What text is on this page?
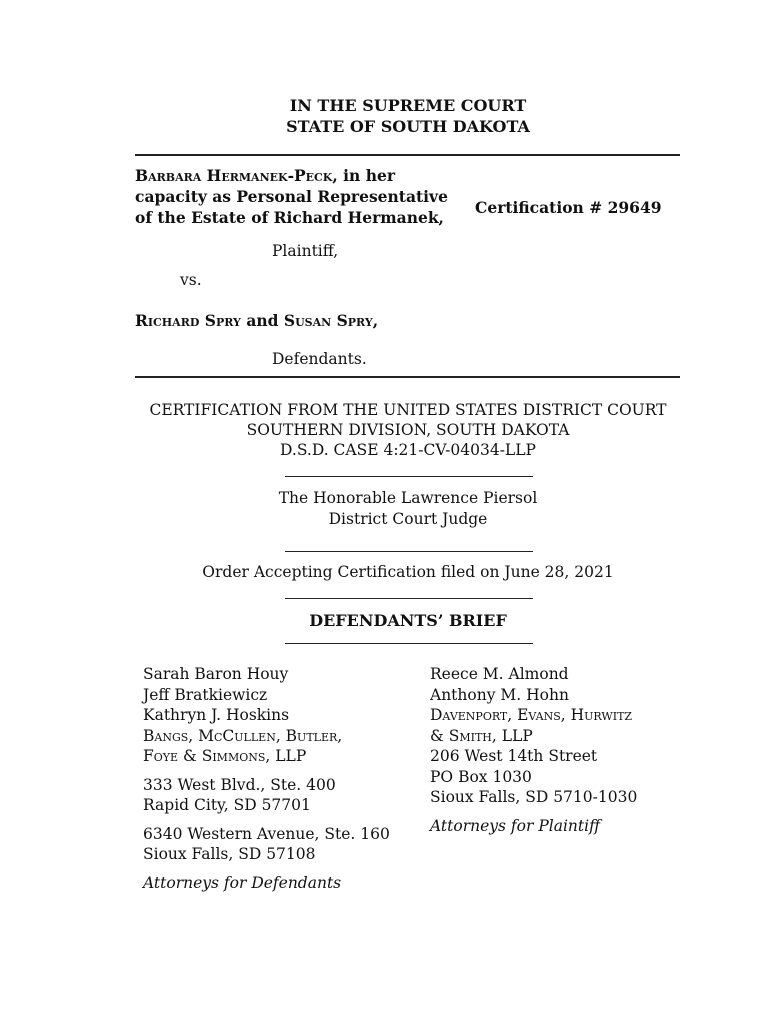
IN THE SUPREME COURT
STATE OF SOUTH DAKOTA
Barbara Hermanek-Peck, in her
capacity as Personal Representative
of the Estate of Richard Hermanek,
Certification # 29649
Plaintiff,
vs.
Richard Spry and Susan Spry,
Defendants.
CERTIFICATION FROM THE UNITED STATES DISTRICT COURT
SOUTHERN DIVISION, SOUTH DAKOTA
D.S.D. CASE 4:21-CV-04034-LLP
The Honorable Lawrence Piersol
District Court Judge
Order Accepting Certification filed on June 28, 2021
DEFENDANTS’ BRIEF
Sarah Baron Houy
Jeff Bratkiewicz
Kathryn J. Hoskins
Bangs, McCullen, Butler,
Foye & Simmons, LLP
333 West Blvd., Ste. 400
Rapid City, SD 57701
6340 Western Avenue, Ste. 160
Sioux Falls, SD 57108
Attorneys for Defendants
Reece M. Almond
Anthony M. Hohn
Davenport, Evans, Hurwitz
& Smith, LLP
206 West 14th Street
PO Box 1030
Sioux Falls, SD 5710-1030
Attorneys for Plaintiff
